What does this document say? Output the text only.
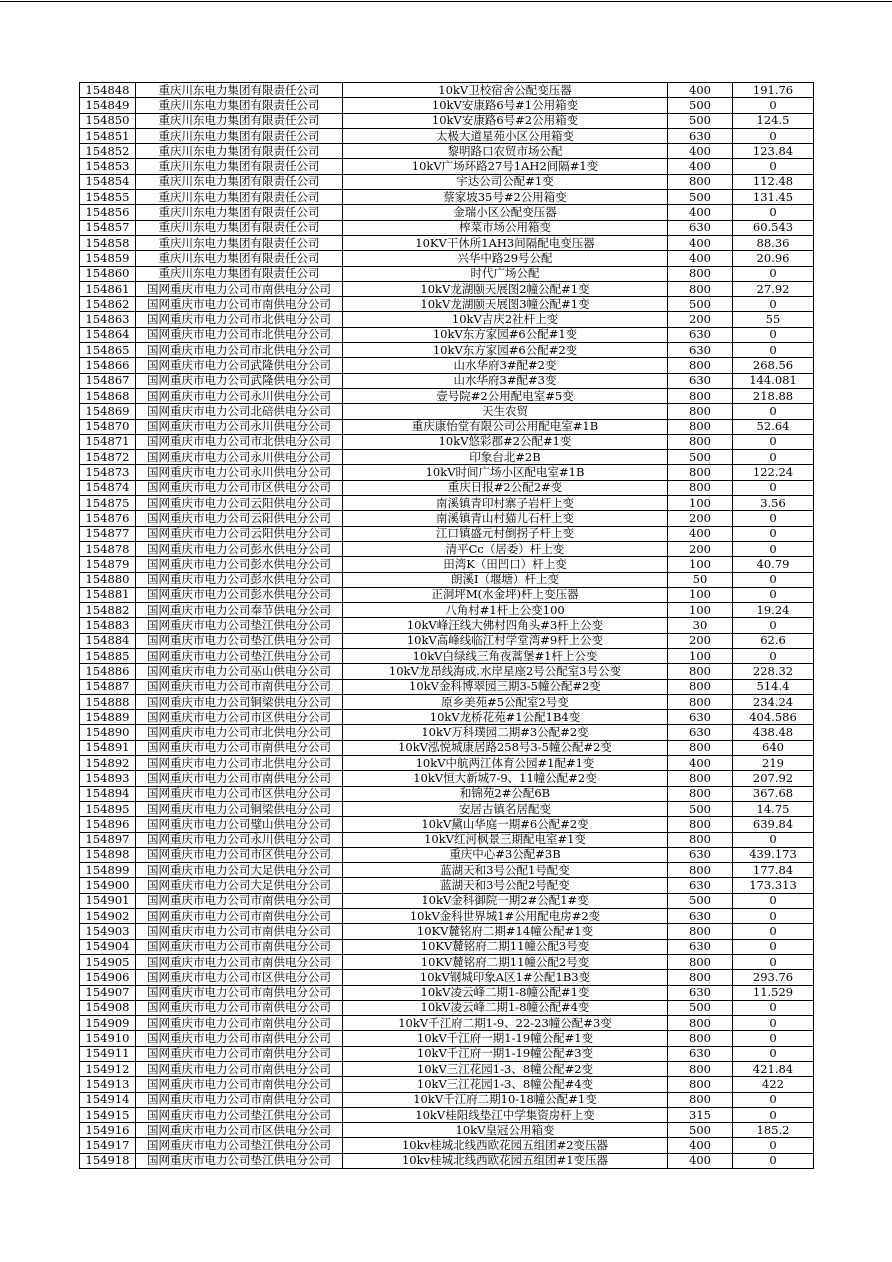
154848	重庆川东电力集团有限责任公司	10kV卫校宿舍公配变压器	400	191.76
154849	重庆川东电力集团有限责任公司	10kV安康路6号#1公用箱变	500	0
154850	重庆川东电力集团有限责任公司	10kV安康路6号#2公用箱变	500	124.5
154851	重庆川东电力集团有限责任公司	太极大道星苑小区公用箱变	630	0
154852	重庆川东电力集团有限责任公司	黎明路口农贸市场公配	400	123.84
154853	重庆川东电力集团有限责任公司	10kV广场环路27号1AH2间隔#1变	400	0
154854	重庆川东电力集团有限责任公司	宇达公司公配#1变	800	112.48
154855	重庆川东电力集团有限责任公司	蔡家坡35号#2公用箱变	500	131.45
154856	重庆川东电力集团有限责任公司	金瑞小区公配变压器	400	0
154857	重庆川东电力集团有限责任公司	榨菜市场公用箱变	630	60.543
154858	重庆川东电力集团有限责任公司	10KV干休所1AH3间隔配电变压器	400	88.36
154859	重庆川东电力集团有限责任公司	兴华中路29号公配	400	20.96
154860	重庆川东电力集团有限责任公司	时代广场公配	800	0
154861	国网重庆市电力公司市南供电分公司	10kV龙湖颐天展图2幢公配#1变	800	27.92
154862	国网重庆市电力公司市南供电分公司	10kV龙湖颐天展图3幢公配#1变	500	0
154863	国网重庆市电力公司市北供电分公司	10kV吉庆2社杆上变	200	55
154864	国网重庆市电力公司市北供电分公司	10kV东方家园#6公配#1变	630	0
154865	国网重庆市电力公司市北供电分公司	10kV东方家园#6公配#2变	630	0
154866	国网重庆市电力公司武隆供电分公司	山水华府3#配#2变	800	268.56
154867	国网重庆市电力公司武隆供电分公司	山水华府3#配#3变	630	144.081
154868	国网重庆市电力公司永川供电分公司	壹号院#2公用配电室#5变	800	218.88
154869	国网重庆市电力公司北碚供电分公司	天生农贸	800	0
154870	国网重庆市电力公司永川供电分公司	重庆康怡堂有限公司公用配电室#1B	800	52.64
154871	国网重庆市电力公司市北供电分公司	10kV悠彩郡#2公配#1变	800	0
154872	国网重庆市电力公司永川供电分公司	印象台北#2B	500	0
154873	国网重庆市电力公司永川供电分公司	10kV时间广场小区配电室#1B	800	122.24
154874	国网重庆市电力公司市区供电分公司	重庆日报#2公配2#变	800	0
154875	国网重庆市电力公司云阳供电分公司	南溪镇青印村寨子岩杆上变	100	3.56
154876	国网重庆市电力公司云阳供电分公司	南溪镇青山村猫儿石杆上变	200	0
154877	国网重庆市电力公司云阳供电分公司	江口镇盛元村倒拐子杆上变	400	0
154878	国网重庆市电力公司彭水供电分公司	清平Cc（居委）杆上变	200	0
154879	国网重庆市电力公司彭水供电分公司	田湾K（田凹口）杆上变	100	40.79
154880	国网重庆市电力公司彭水供电分公司	朗溪I（堰塘）杆上变	50	0
154881	国网重庆市电力公司彭水供电分公司	正洞坪M(水金坪)杆上变压器	100	0
154882	国网重庆市电力公司奉节供电分公司	八角村#1杆上公变100	100	19.24
154883	国网重庆市电力公司垫江供电分公司	10kV峰汪线大佛村四角头#3杆上公变	30	0
154884	国网重庆市电力公司垫江供电分公司	10kV高峰线临江村学堂湾#9杆上公变	200	62.6
154885	国网重庆市电力公司垫江供电分公司	10kV白绿线三角夜蒿堡#1杆上公变	100	0
154886	国网重庆市电力公司巫山供电分公司	10kV龙昂线海成.水岸星座2号公配室3号公变	800	228.32
154887	国网重庆市电力公司市南供电分公司	10kV金科博翠园三期3-5幢公配#2变	800	514.4
154888	国网重庆市电力公司铜梁供电分公司	原乡美苑#5公配室2号变	800	234.24
154889	国网重庆市电力公司市区供电分公司	10kV龙桥花苑#1公配1B4变	630	404.586
154890	国网重庆市电力公司市北供电分公司	10kV万科璞园二期#3公配#2变	630	438.48
154891	国网重庆市电力公司市南供电分公司	10kV泓悦城康居路258号3-5幢公配#2变	800	640
154892	国网重庆市电力公司市北供电分公司	10kV中航两江体育公园#1配#1变	400	219
154893	国网重庆市电力公司市南供电分公司	10kV恒大新城7-9、11幢公配#2变	800	207.92
154894	国网重庆市电力公司市区供电分公司	和锦苑2#公配6B	800	367.68
154895	国网重庆市电力公司铜梁供电分公司	安居古镇名居配变	500	14.75
154896	国网重庆市电力公司璧山供电分公司	10kV黛山华庭一期#6公配#2变	800	639.84
154897	国网重庆市电力公司永川供电分公司	10kV红河枫景三期配电室#1变	800	0
154898	国网重庆市电力公司市区供电分公司	重庆中心#3公配#3B	630	439.173
154899	国网重庆市电力公司大足供电分公司	蓝湖天和3号公配1号配变	800	177.84
154900	国网重庆市电力公司大足供电分公司	蓝湖天和3号公配2号配变	630	173.313
154901	国网重庆市电力公司市南供电分公司	10kV金科御院一期2#公配1#变	500	0
154902	国网重庆市电力公司市南供电分公司	10kV金科世界城1#公用配电房#2变	630	0
154903	国网重庆市电力公司市南供电分公司	10KV麓铭府二期#14幢公配#1变	800	0
154904	国网重庆市电力公司市南供电分公司	10KV麓铭府二期11幢公配3号变	630	0
154905	国网重庆市电力公司市南供电分公司	10KV麓铭府二期11幢公配2号变	800	0
154906	国网重庆市电力公司市区供电分公司	10kV钢城印象A区1#公配1B3变	800	293.76
154907	国网重庆市电力公司市南供电分公司	10kV凌云峰二期1-8幢公配#1变	630	11.529
154908	国网重庆市电力公司市南供电分公司	10kV凌云峰二期1-8幢公配#4变	500	0
154909	国网重庆市电力公司市南供电分公司	10kV千江府二期1-9、22-23幢公配#3变	800	0
154910	国网重庆市电力公司市南供电分公司	10kV千江府一期1-19幢公配#1变	800	0
154911	国网重庆市电力公司市南供电分公司	10kV千江府一期1-19幢公配#3变	630	0
154912	国网重庆市电力公司市南供电分公司	10kV三江花园1-3、8幢公配#2变	800	421.84
154913	国网重庆市电力公司市南供电分公司	10kV三江花园1-3、8幢公配#4变	800	422
154914	国网重庆市电力公司市南供电分公司	10kV千江府二期10-18幢公配#1变	800	0
154915	国网重庆市电力公司垫江供电分公司	10kV桂阳线垫江中学集资房杆上变	315	0
154916	国网重庆市电力公司市区供电分公司	10kV皇冠公用箱变	500	185.2
154917	国网重庆市电力公司垫江供电分公司	10kv桂城北线西欧花园五组团#2变压器	400	0
154918	国网重庆市电力公司垫江供电分公司	10kv桂城北线西欧花园五组团#1变压器	400	0
